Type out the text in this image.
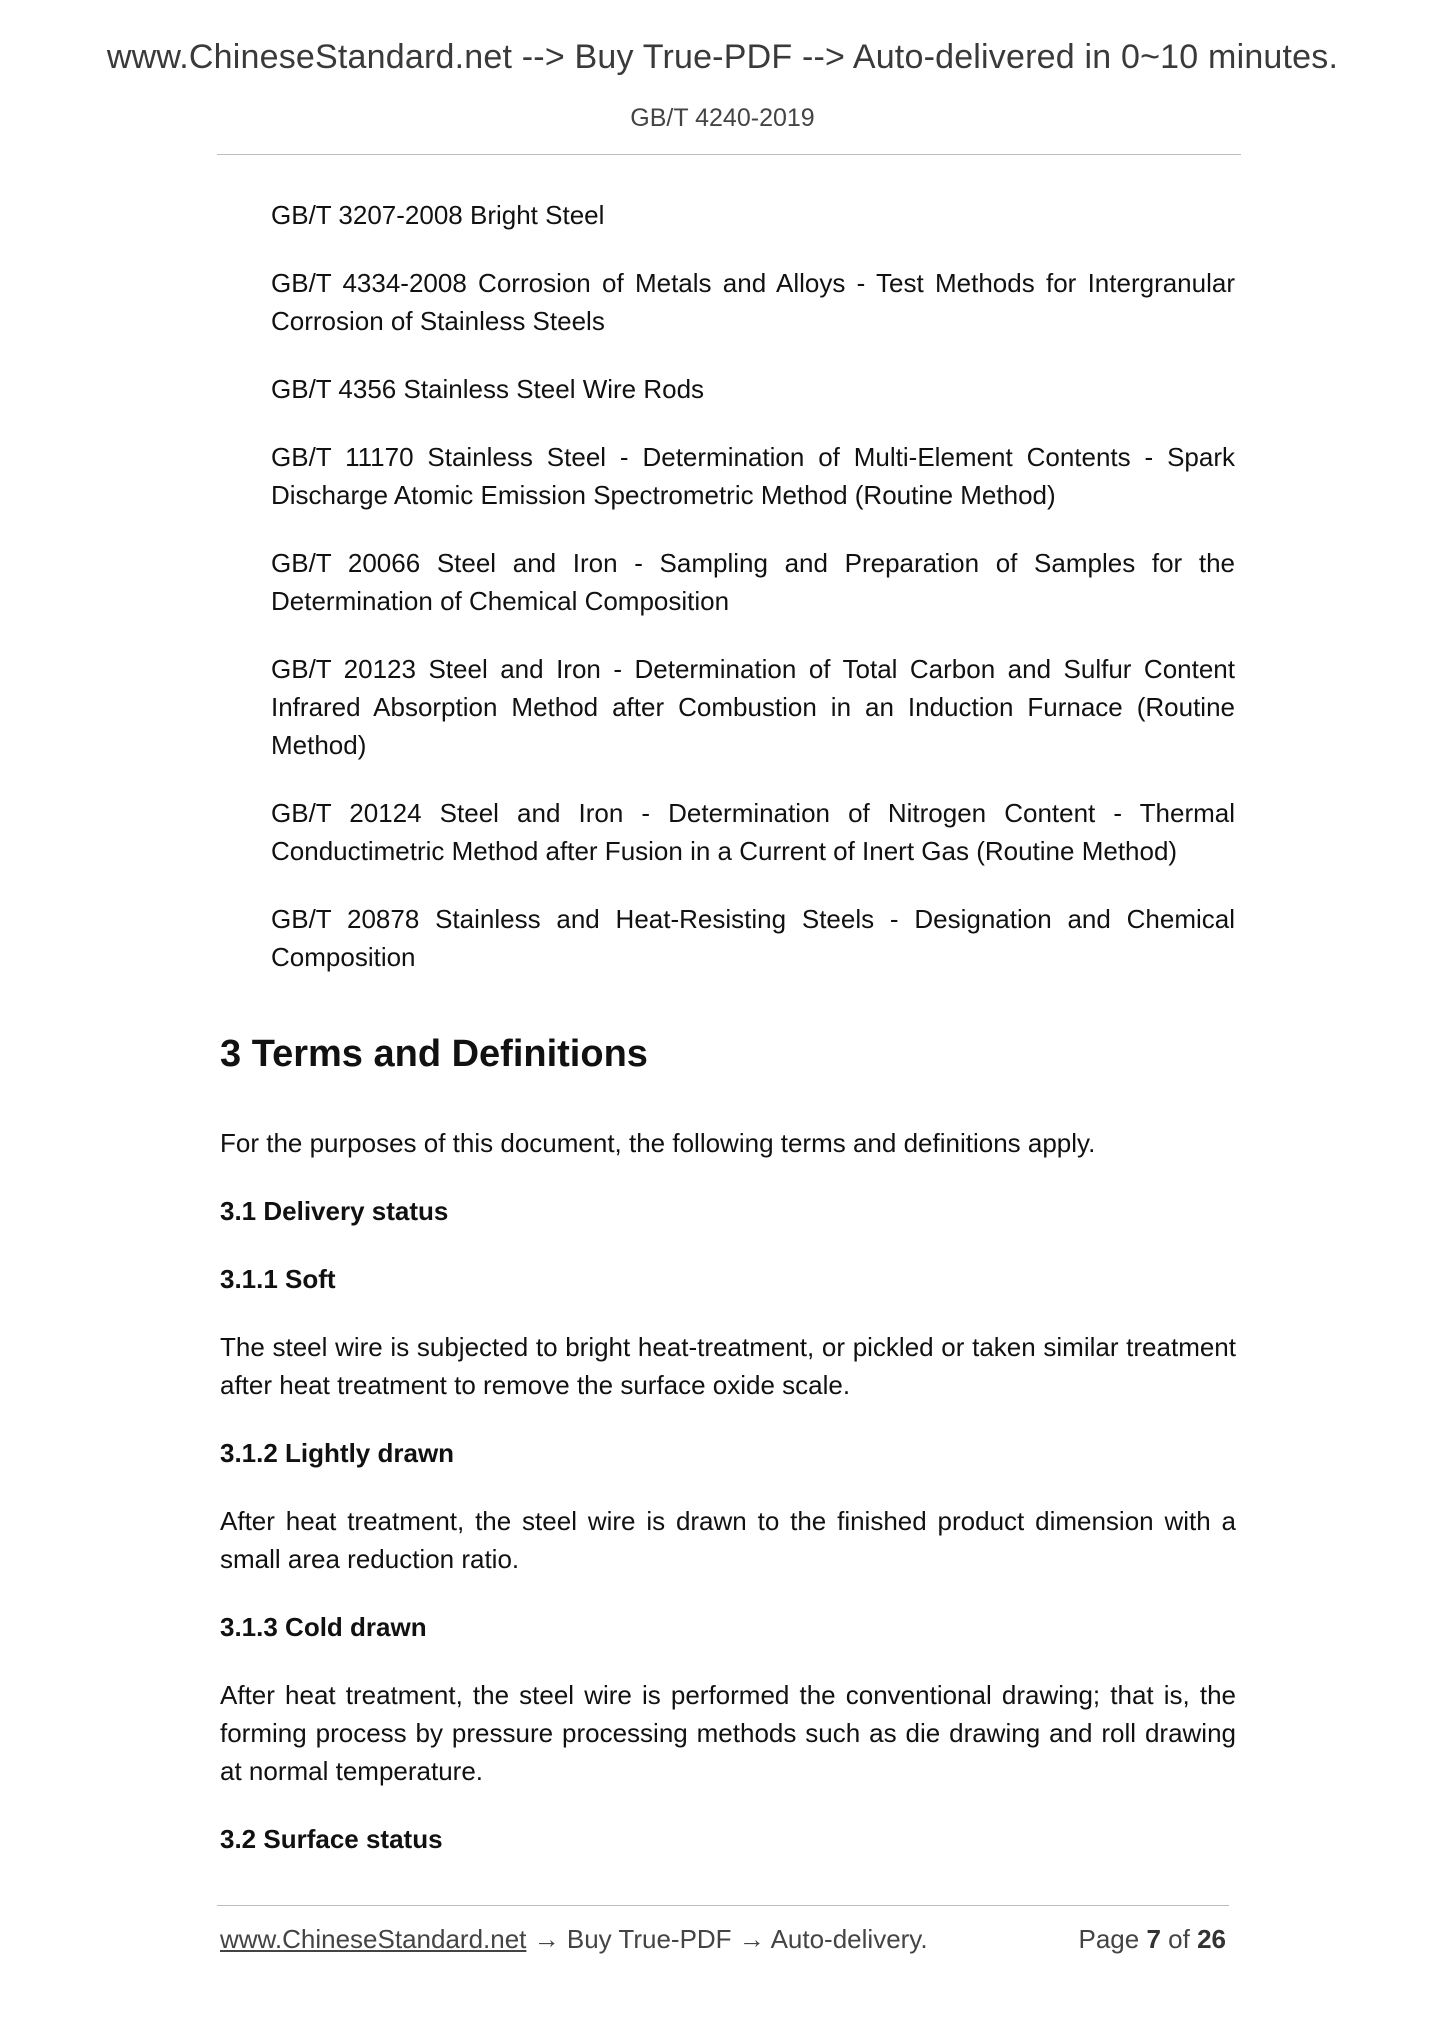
www.ChineseStandard.net --> Buy True-PDF --> Auto-delivered in 0~10 minutes.
GB/T 4240-2019

GB/T 3207-2008 Bright Steel

GB/T 4334-2008 Corrosion of Metals and Alloys - Test Methods for Intergranular Corrosion of Stainless Steels

GB/T 4356 Stainless Steel Wire Rods

GB/T 11170 Stainless Steel - Determination of Multi-Element Contents - Spark Discharge Atomic Emission Spectrometric Method (Routine Method)

GB/T 20066 Steel and Iron - Sampling and Preparation of Samples for the Determination of Chemical Composition

GB/T 20123 Steel and Iron - Determination of Total Carbon and Sulfur Content Infrared Absorption Method after Combustion in an Induction Furnace (Routine Method)

GB/T 20124 Steel and Iron - Determination of Nitrogen Content - Thermal Conductimetric Method after Fusion in a Current of Inert Gas (Routine Method)

GB/T 20878 Stainless and Heat-Resisting Steels - Designation and Chemical Composition

3 Terms and Definitions

For the purposes of this document, the following terms and definitions apply.

3.1 Delivery status

3.1.1 Soft

The steel wire is subjected to bright heat-treatment, or pickled or taken similar treatment after heat treatment to remove the surface oxide scale.

3.1.2 Lightly drawn

After heat treatment, the steel wire is drawn to the finished product dimension with a small area reduction ratio.

3.1.3 Cold drawn

After heat treatment, the steel wire is performed the conventional drawing; that is, the forming process by pressure processing methods such as die drawing and roll drawing at normal temperature.

3.2 Surface status

www.ChineseStandard.net → Buy True-PDF → Auto-delivery.	Page 7 of 26
